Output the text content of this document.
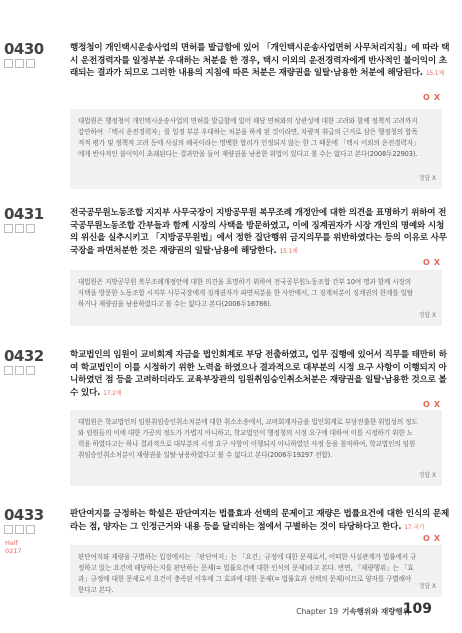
0430	행정청이 개인택시운송사업의 면허를 발급함에 있어 「개인택시운송사업면허 사무처리지침」에 따라 택시 운전경력자를 일정부분 우대하는 처분을 한 경우, 택시 이외의 운전경력자에게 반사적인 불이익이 초래되는 결과가 되므로 그러한 내용의 지침에 따른 처분은 재량권을 일탈·남용한 처분에 해당된다. 15.1채
O X
대법원은 행정청이 개인택시운송사업의 면허를 발급함에 있어 해당 면허와의 상관성에 대한 고려와 함께 정책적 고려까지 감안하여 「택시 운전경력자」를 일정 부분 우대하는 처분을 하게 된 것이라면, 차량적 취급의 근거로 삼은 행정청의 합목적적 평가 및 정책적 고려 등에 사실의 해곡이라는 명백한 합리가 인정되지 않는 한 그 때문에 「택시 이외의 운전경력자」에게 반사적인 불이익이 초래된다는 결과만을 들어 재량권을 남용한 위법이 있다고 볼 수는 없다고 본다(2008두22903).
정답 X
0431	전국공무원노동조합 지지부 사무국장이 지방공무원 복무조례 개정안에 대한 의견을 표명하기 위하여 전국공무원노동조합 간부들과 함께 시장의 사택을 방문하였고, 이에 징계권자가 시장 개인의 명예와 시청의 위신을 실추시키고 「지방공무원법」에서 정한 집단행위 금지의무를 위반하였다는 등의 이유로 사무국장을 파면처분한 것은 재량권의 일탈·남용에 해당한다. 15.1채
O X
대법원은 지방공무원 복무조례개정안에 대한 의견을 표명하기 위하여 전국공무원노동조합 간부 10여 명과 함께 시장의 사택을 방문한 노동조합 시지부 사무국장에게 징계권자가 파면처분을 한 사안에서, 그 징계처분이 징계권의 한계를 일탈하거나 재량권을 남용하였다고 볼 수는 없다고 본다(2006두16786).
정답 X
0432	학교법인의 임원이 교비회계 자금을 법인회계로 부당 전출하였고, 업무 집행에 있어서 직무를 태만히 하여 학교법인이 이를 시정하기 위한 노력을 하였으나 결과적으로 대부분의 시정 요구 사항이 이행되지 아니하였던 점 등을 고려하더라도 교육부장관의 임원취임승인취소처분은 재량권을 일탈·남용한 것으로 볼 수 있다. 17.2채
O X
대법원은 학교법인의 임원취임승인취소처분에 대한 취소소송에서, 교비회계자금을 법인회계로 부당전출한 위법성의 정도와 임원들의 이에 대한 가공의 정도가 가볍지 아니하고, 학교법인이 행정청의 시정 요구에 대하여 이를 시정하기 위한 노력을 하였다고는 하나 결과적으로 대부분의 시정 요구 사항이 이행되지 아니하였던 사정 등을 참작하여, 학교법인의 임원취임승인취소처분이 재량권을 일탈·남용하였다고 볼 수 없다고 본다(2006두19297 전합).
정답 X
0433
Half
0217
판단여지를 긍정하는 학설은 판단여지는 법률효과 선택의 문제이고 재량은 법률요건에 대한 인식의 문제라는 점, 양자는 그 인정근거와 내용 등을 달리하는 점에서 구별하는 것이 타당하다고 한다. 17.국가
O X
판단여지와 재량을 구별하는 입장에서는 「판단여지」는 「요건」규정에 대한 문제로서, 어떠한 사실관계가 법률에서 규정하고 있는 요건에 해당하는지를 판단하는 문제(= 법률요건에 대한 인식의 문제)라고 본다. 반면, 「재량행위」는 「효과」규정에 대한 문제로서 요건이 충족된 이후에 그 효과에 대한 문제(= 법률효과 선택의 문제)이므로 양자를 구별해야 한다고 본다.	정답 X
Chapter 19 기속행위와 재량행위
109
